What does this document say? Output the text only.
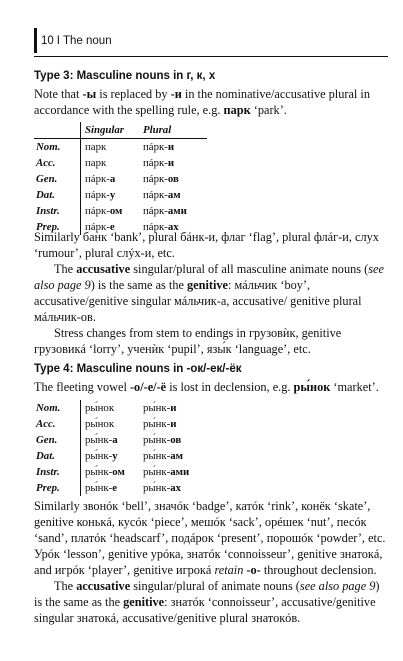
10 I The noun
Type 3: Masculine nouns in г, к, х

Note that -ы is replaced by -и in the nominative/accusative plural in accordance with the spelling rule, e.g. парк ‘park’.

	Singular	Plural
Nom.	парк	пáрк-и
Acc.	парк	пáрк-и
Gen.	пáрк-а	пáрк-ов
Dat.	пáрк-у	пáрк-ам
Instr.	пáрк-ом	пáрк-ами
Prep.	пáрк-е	пáрк-ах

Similarly банк ‘bank’, plural бáнк-и, флаг ‘flag’, plural флáг-и, слух ‘rumour’, plural слýх-и, etc.

The accusative singular/plural of all masculine animate nouns (see also page 9) is the same as the genitive: мáльчик ‘boy’, accusative/genitive singular мáльчик-а, accusative/ genitive plural мáльчик-ов.

Stress changes from stem to endings in грузовѝк, genitive грузовикá ‘lorry’, ученѝк ‘pupil’, язы́к ‘language’, etc.

Type 4: Masculine nouns in -ок/-ек/-ёк

The fleeting vowel -о/-е/-ё is lost in declension, e.g. ры́нок ‘market’.

Nom.	ры́нок	ры́нк-и
Acc.	ры́нок	ры́нк-и
Gen.	ры́нк-а	ры́нк-ов
Dat.	ры́нк-у	ры́нк-ам
Instr.	ры́нк-ом	ры́нк-ами
Prep.	ры́нк-е	ры́нк-ах

Similarly звонóк ‘bell’, значóк ‘badge’, катóк ‘rink’, конёк ‘skate’, genitive конькá, кусóк ‘piece’, мешóк ‘sack’, орéшек ‘nut’, песóк ‘sand’, платóк ‘headscarf’, подáрок ‘present’, порошóк ‘powder’, etc. Урóк ‘lesson’, genitive урóка, знатóк ‘connoisseur’, genitive знатокá, and игрóк ‘player’, genitive игрокá retain -о- throughout declension.

The accusative singular/plural of animate nouns (see also page 9) is the same as the genitive: знатóк ‘connoisseur’, accusative/genitive singular знатокá, accusative/genitive plural знатокóв.
